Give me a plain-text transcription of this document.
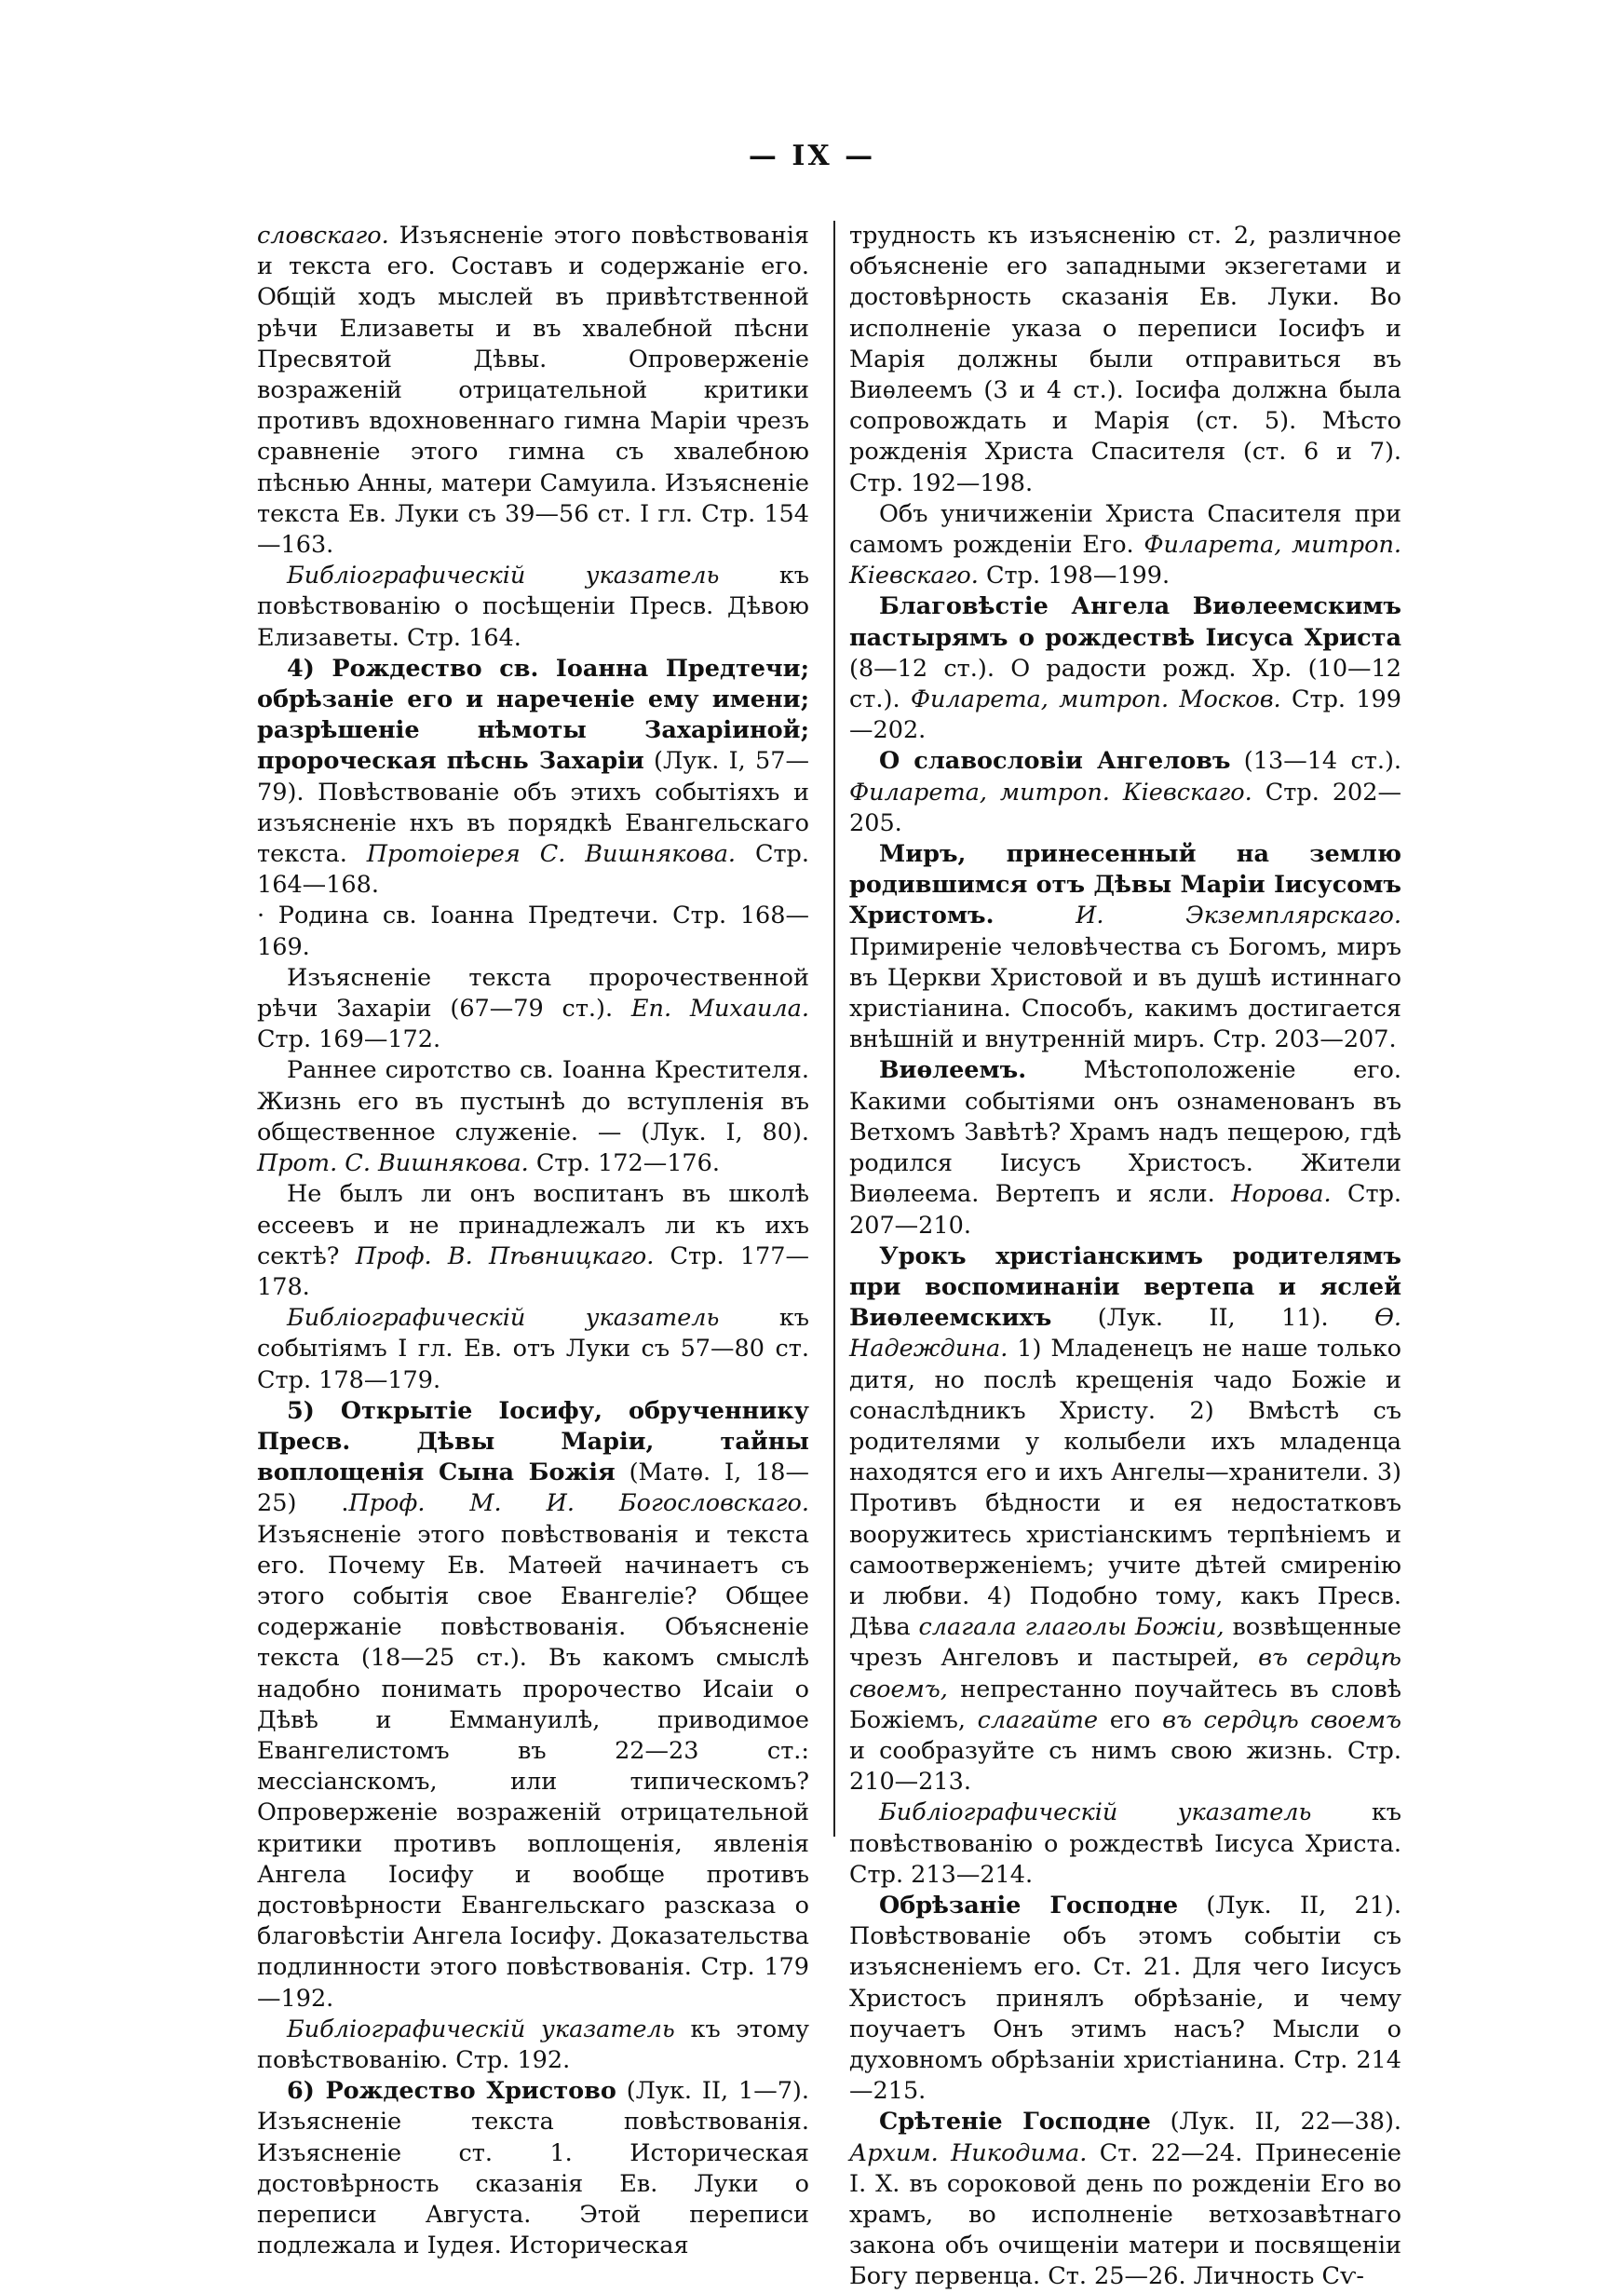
— IX —

словскаго. Изъясненіе этого повѣствованія и текста его. Составъ и содержаніе его. Общій ходъ мыслей въ привѣтственной рѣчи Елизаветы и въ хвалебной пѣсни Пресвятой Дѣвы. Опроверженіе возраженій отрицательной критики противъ вдохновеннаго гимна Маріи чрезъ сравненіе этого гимна съ хвалебною пѣснью Анны, матери Самуила. Изъясненіе текста Ев. Луки съ 39—56 ст. I гл. Стр. 154—163.

Библіографическій указатель къ повѣствованію о посѣщеніи Пресв. Дѣвою Елизаветы. Стр. 164.

4) Рождество св. Іоанна Предтечи; обрѣзаніе его и нареченіе ему имени; разрѣшеніе нѣмоты Захаріиной; пророческая пѣснь Захаріи (Лук. I, 57—79). Повѣствованіе объ этихъ событіяхъ и изъясненіе нхъ въ порядкѣ Евангельскаго текста. Протоіерея С. Вишнякова. Стр. 164—168.

· Родина св. Іоанна Предтечи. Стр. 168—169.

Изъясненіе текста пророчественной рѣчи Захаріи (67—79 ст.). Еп. Михаила. Стр. 169—172.

Раннее сиротство св. Іоанна Крестителя. Жизнь его въ пустынѣ до вступленія въ общественное служеніе. — (Лук. I, 80). Прот. С. Вишнякова. Стр. 172—176.

Не былъ ли онъ воспитанъ въ школѣ ессеевъ и не принадлежалъ ли къ ихъ сектѣ? Проф. В. Пѣвницкаго. Стр. 177—178.

Библіографическій указатель къ событіямъ I гл. Ев. отъ Луки съ 57—80 ст. Стр. 178—179.

5) Открытіе Іосифу, обрученнику Пресв. Дѣвы Маріи, тайны воплощенія Сына Божія (Матѳ. I, 18—25) .Проф. М. И. Богословскаго. Изъясненіе этого повѣствованія и текста его. Почему Ев. Матѳей начинаетъ съ этого событія свое Евангеліе? Общее содержаніе повѣствованія. Объясненіе текста (18—25 ст.). Въ какомъ смыслѣ надобно понимать пророчество Исаіи о Дѣвѣ и Еммануилѣ, приводимое Евангелистомъ въ 22—23 ст.: мессіанскомъ, или типическомъ? Опроверженіе возраженій отрицательной критики противъ воплощенія, явленія Ангела Іосифу и вообще противъ достовѣрности Евангельскаго разсказа о благовѣстіи Ангела Іосифу. Доказательства подлинности этого повѣствованія. Стр. 179—192.

Библіографическій указатель къ этому повѣствованію. Стр. 192.

6) Рождество Христово (Лук. II, 1—7). Изъясненіе текста повѣствованія. Изъясненіе ст. 1. Историческая достовѣрность сказанія Ев. Луки о переписи Августа. Этой переписи подлежала и Іудея. Историческая

трудность къ изъясненію ст. 2, различное объясненіе его западными экзегетами и достовѣрность сказанія Ев. Луки. Во исполненіе указа о переписи Іосифъ и Марія должны были отправиться въ Виѳлеемъ (3 и 4 ст.). Іосифа должна была сопровождать и Марія (ст. 5). Мѣсто рожденія Христа Спасителя (ст. 6 и 7). Стр. 192—198.

Объ уничиженіи Христа Спасителя при самомъ рожденіи Его. Филарета, митроп. Кіевскаго. Стр. 198—199.

Благовѣстіе Ангела Виѳлеемскимъ пастырямъ о рождествѣ Іисуса Христа (8—12 ст.). О радости рожд. Хр. (10—12 ст.). Филарета, митроп. Москов. Стр. 199—202.

О славословіи Ангеловъ (13—14 ст.). Филарета, митроп. Кіевскаго. Стр. 202—205.

Миръ, принесенный на землю родившимся отъ Дѣвы Маріи Іисусомъ Христомъ.	И. Экземплярскаго. Примиреніе человѣчества съ Богомъ, миръ въ Церкви Христовой и въ душѣ истиннаго христіанина. Способъ, какимъ достигается внѣшній и внутренній миръ. Стр. 203—207.

Виѳлеемъ. Мѣстоположеніе его. Какими событіями онъ ознаменованъ въ Ветхомъ Завѣтѣ? Храмъ надъ пещерою, гдѣ родился Іисусъ Христосъ. Жители Виѳлеема. Вертепъ и ясли. Норова. Стр. 207—210.

Урокъ христіанскимъ родителямъ при воспоминаніи вертепа и яслей Виѳлеемскихъ (Лук. II, 11). Ѳ. Надеждина. 1) Младенецъ не наше только дитя, но послѣ крещенія чадо Божіе и сонаслѣдникъ Христу. 2) Вмѣстѣ съ родителями у колыбели ихъ младенца находятся его и ихъ Ангелы—хранители. 3) Противъ бѣдности и ея недостатковъ вооружитесь христіанскимъ терпѣніемъ и самоотверженіемъ; учите дѣтей смиренію и любви. 4) Подобно тому, какъ Пресв. Дѣва слагала глаголы Божіи, возвѣщенные чрезъ Ангеловъ и пастырей, въ сердцѣ своемъ, непрестанно поучайтесь въ словѣ Божіемъ, слагайте его въ сердцѣ своемъ и сообразуйте съ нимъ свою жизнь. Стр. 210—213.

Библіографическій указатель къ повѣствованію о рождествѣ Іисуса Христа. Стр. 213—214.

Обрѣзаніе Господне (Лук. II, 21). Повѣствованіе объ этомъ событіи съ изъясненіемъ его. Ст. 21. Для чего Іисусъ Христосъ принялъ обрѣзаніе, и чему поучаетъ Онъ этимъ насъ? Мысли о духовномъ обрѣзаніи христіанина. Стр. 214—215.

Срѣтеніе Господне (Лук. II, 22—38). Архим. Никодима. Ст. 22—24. Принесеніе І. Х. въ сороковой день по рожденіи Его во храмъ, во исполненіе ветхозавѣтнаго закона объ очищеніи матери и посвященіи Богу первенца. Ст. 25—26. Личность Сѵ-
